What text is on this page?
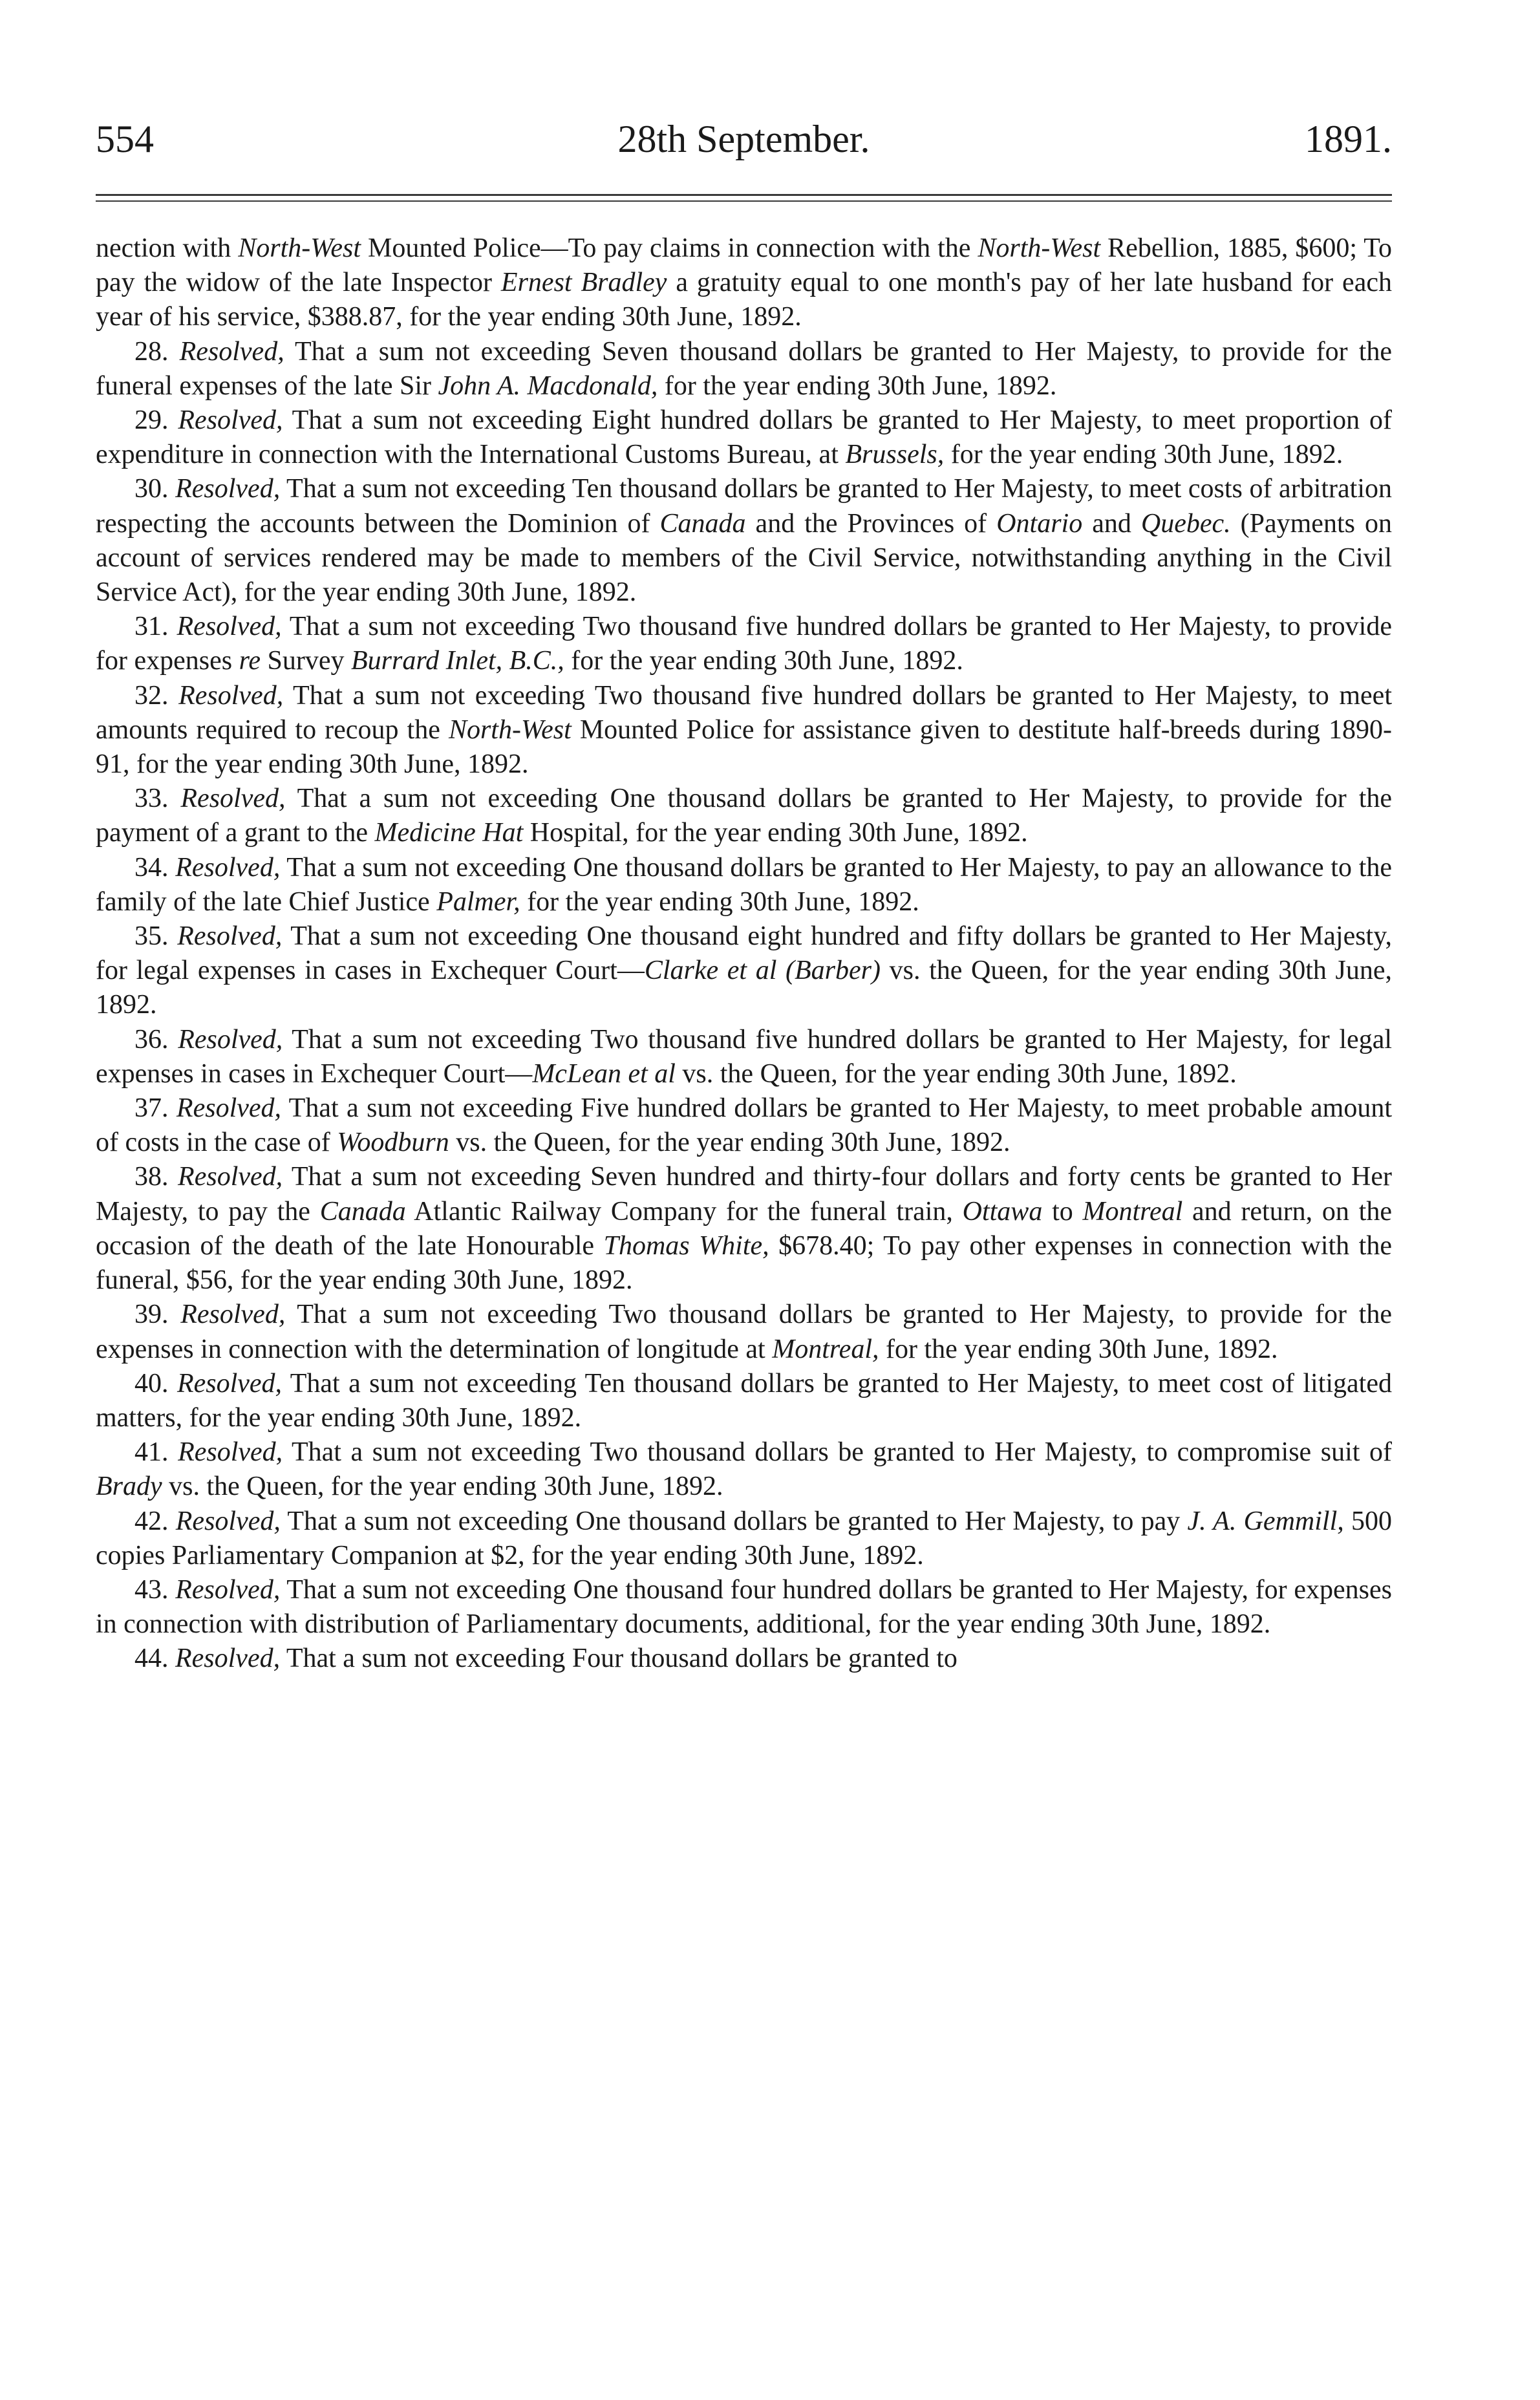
554	28th September.	1891.

nection with North-West Mounted Police—To pay claims in connection with the North-West Rebellion, 1885, $600; To pay the widow of the late Inspector Ernest Bradley a gratuity equal to one month's pay of her late husband for each year of his service, $388.87, for the year ending 30th June, 1892.

28. Resolved, That a sum not exceeding Seven thousand dollars be granted to Her Majesty, to provide for the funeral expenses of the late Sir John A. Macdonald, for the year ending 30th June, 1892.

29. Resolved, That a sum not exceeding Eight hundred dollars be granted to Her Majesty, to meet proportion of expenditure in connection with the International Customs Bureau, at Brussels, for the year ending 30th June, 1892.

30. Resolved, That a sum not exceeding Ten thousand dollars be granted to Her Majesty, to meet costs of arbitration respecting the accounts between the Dominion of Canada and the Provinces of Ontario and Quebec. (Payments on account of services rendered may be made to members of the Civil Service, notwithstanding anything in the Civil Service Act), for the year ending 30th June, 1892.

31. Resolved, That a sum not exceeding Two thousand five hundred dollars be granted to Her Majesty, to provide for expenses re Survey Burrard Inlet, B.C., for the year ending 30th June, 1892.

32. Resolved, That a sum not exceeding Two thousand five hundred dollars be granted to Her Majesty, to meet amounts required to recoup the North-West Mounted Police for assistance given to destitute half-breeds during 1890-91, for the year ending 30th June, 1892.

33. Resolved, That a sum not exceeding One thousand dollars be granted to Her Majesty, to provide for the payment of a grant to the Medicine Hat Hospital, for the year ending 30th June, 1892.

34. Resolved, That a sum not exceeding One thousand dollars be granted to Her Majesty, to pay an allowance to the family of the late Chief Justice Palmer, for the year ending 30th June, 1892.

35. Resolved, That a sum not exceeding One thousand eight hundred and fifty dollars be granted to Her Majesty, for legal expenses in cases in Exchequer Court—Clarke et al (Barber) vs. the Queen, for the year ending 30th June, 1892.

36. Resolved, That a sum not exceeding Two thousand five hundred dollars be granted to Her Majesty, for legal expenses in cases in Exchequer Court—McLean et al vs. the Queen, for the year ending 30th June, 1892.

37. Resolved, That a sum not exceeding Five hundred dollars be granted to Her Majesty, to meet probable amount of costs in the case of Woodburn vs. the Queen, for the year ending 30th June, 1892.

38. Resolved, That a sum not exceeding Seven hundred and thirty-four dollars and forty cents be granted to Her Majesty, to pay the Canada Atlantic Railway Company for the funeral train, Ottawa to Montreal and return, on the occasion of the death of the late Honourable Thomas White, $678.40; To pay other expenses in connection with the funeral, $56, for the year ending 30th June, 1892.

39. Resolved, That a sum not exceeding Two thousand dollars be granted to Her Majesty, to provide for the expenses in connection with the determination of longitude at Montreal, for the year ending 30th June, 1892.

40. Resolved, That a sum not exceeding Ten thousand dollars be granted to Her Majesty, to meet cost of litigated matters, for the year ending 30th June, 1892.

41. Resolved, That a sum not exceeding Two thousand dollars be granted to Her Majesty, to compromise suit of Brady vs. the Queen, for the year ending 30th June, 1892.

42. Resolved, That a sum not exceeding One thousand dollars be granted to Her Majesty, to pay J. A. Gemmill, 500 copies Parliamentary Companion at $2, for the year ending 30th June, 1892.

43. Resolved, That a sum not exceeding One thousand four hundred dollars be granted to Her Majesty, for expenses in connection with distribution of Parliamentary documents, additional, for the year ending 30th June, 1892.

44. Resolved, That a sum not exceeding Four thousand dollars be granted to
